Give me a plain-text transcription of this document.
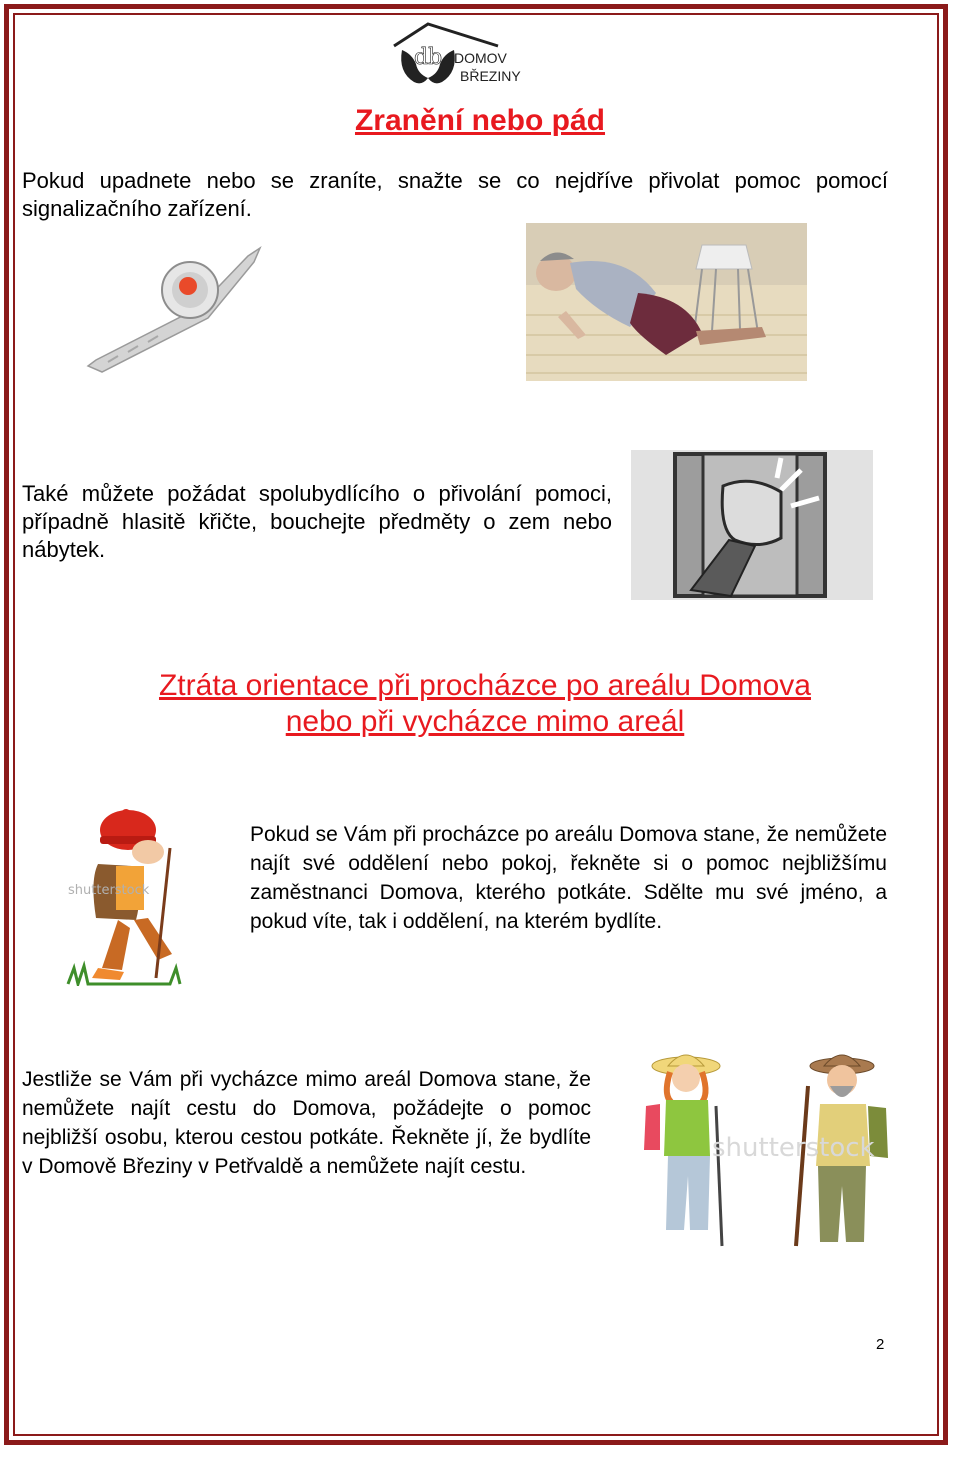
db DOMOV
BŘEZINY
Zranění nebo pád

Pokud upadnete nebo se zraníte, snažte se co nejdříve přivolat pomoc pomocí signalizačního zařízení.

Také můžete požádat spolubydlícího o přivolání pomoci, případně hlasitě křičte, bouchejte předměty o zem nebo nábytek.

Ztráta orientace při procházce po areálu Domova
nebo při vycházce mimo areál
shutterstock

Pokud se Vám při procházce po areálu Domova stane, že nemůžete najít své oddělení nebo pokoj, řekněte si o pomoc nejbližšímu zaměstnanci Domova, kterého potkáte. Sdělte mu své jméno, a pokud víte, tak i oddělení, na kterém bydlíte.

Jestliže se Vám při vycházce mimo areál Domova stane, že nemůžete najít cestu do Domova, požádejte o pomoc nejbližší osobu, kterou cestou potkáte. Řekněte jí, že bydlíte v Domově Březiny v Petřvaldě a nemůžete najít cestu.

shutterstock
2
